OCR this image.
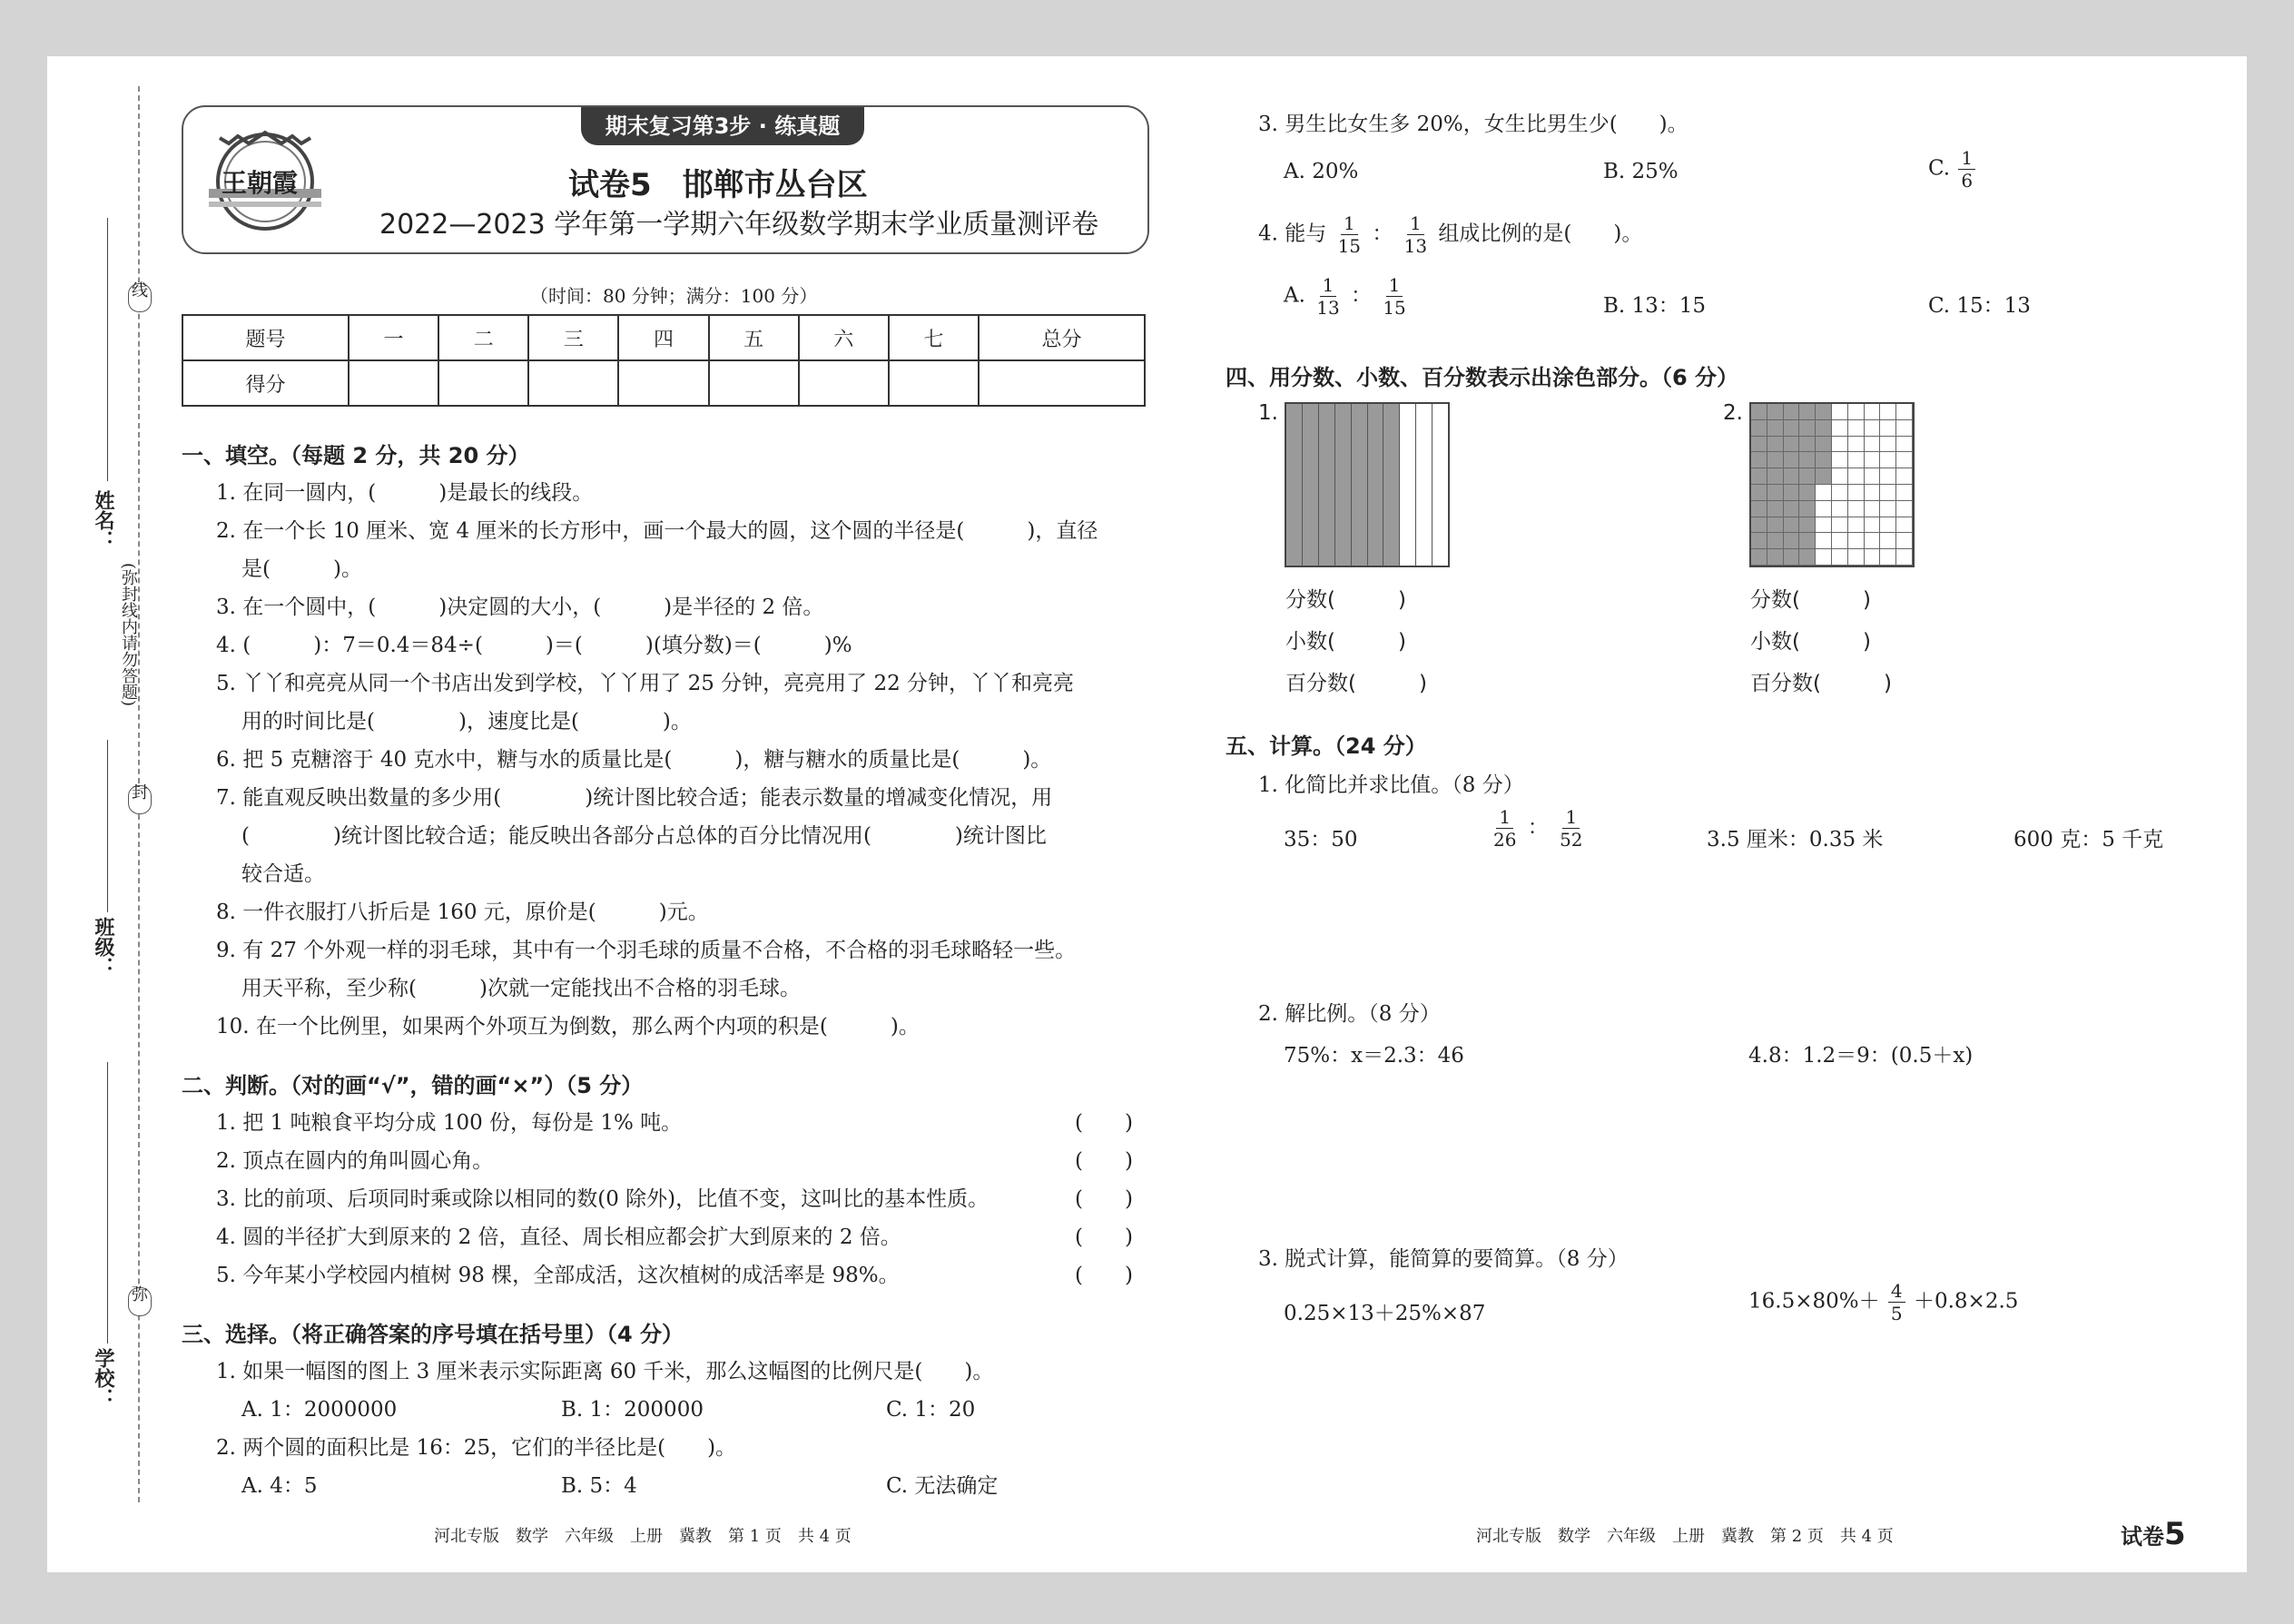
线
封
弥
姓名：
(弥封线内请勿答题)
班级：
学校：
王朝霞
期末复习第3步 · 练真题
试卷5　邯郸市丛台区
2022—2023 学年第一学期六年级数学期末学业质量测评卷
（时间：80 分钟；满分：100 分）
题号	一	二	三	四	五	六	七	总分
得分								
一、填空。（每题 2 分，共 20 分）
1. 在同一圆内，(　　　)是最长的线段。
2. 在一个长 10 厘米、宽 4 厘米的长方形中，画一个最大的圆，这个圆的半径是(　　　)，直径
是(　　　)。
3. 在一个圆中，(　　　)决定圆的大小，(　　　)是半径的 2 倍。
4. (　　　)：7＝0.4＝84÷(　　　)＝(　　　)(填分数)＝(　　　)%
5. 丫丫和亮亮从同一个书店出发到学校，丫丫用了 25 分钟，亮亮用了 22 分钟，丫丫和亮亮
用的时间比是(　　　　)，速度比是(　　　　)。
6. 把 5 克糖溶于 40 克水中，糖与水的质量比是(　　　)，糖与糖水的质量比是(　　　)。
7. 能直观反映出数量的多少用(　　　　)统计图比较合适；能表示数量的增减变化情况，用
(　　　　)统计图比较合适；能反映出各部分占总体的百分比情况用(　　　　)统计图比
较合适。
8. 一件衣服打八折后是 160 元，原价是(　　　)元。
9. 有 27 个外观一样的羽毛球，其中有一个羽毛球的质量不合格，不合格的羽毛球略轻一些。
用天平称，至少称(　　　)次就一定能找出不合格的羽毛球。
10. 在一个比例里，如果两个外项互为倒数，那么两个内项的积是(　　　)。
二、判断。（对的画“√”，错的画“×”）（5 分）
1. 把 1 吨粮食平均分成 100 份，每份是 1% 吨。	(　　)
2. 顶点在圆内的角叫圆心角。	(　　)
3. 比的前项、后项同时乘或除以相同的数(0 除外)，比值不变，这叫比的基本性质。	(　　)
4. 圆的半径扩大到原来的 2 倍，直径、周长相应都会扩大到原来的 2 倍。	(　　)
5. 今年某小学校园内植树 98 棵，全部成活，这次植树的成活率是 98%。	(　　)
三、选择。（将正确答案的序号填在括号里）（4 分）
1. 如果一幅图的图上 3 厘米表示实际距离 60 千米，那么这幅图的比例尺是(　　)。
A. 1：2000000	B. 1：200000	C. 1：20
2. 两个圆的面积比是 16：25，它们的半径比是(　　)。
A. 4：5	B. 5：4	C. 无法确定
3. 男生比女生多 20%，女生比男生少(　　)。
A. 20%	B. 25%	C. $\frac{1}{6}$
4. 能与 $\frac{1}{15}$ ： $\frac{1}{13}$ 组成比例的是(　　)。
A. $\frac{1}{13}$ ： $\frac{1}{15}$	B. 13：15	C. 15：13
四、用分数、小数、百分数表示出涂色部分。（6 分）
1.	2.
分数(　　　)
小数(　　　)
百分数(　　　)
分数(　　　)
小数(　　　)
百分数(　　　)
五、计算。（24 分）
1. 化简比并求比值。（8 分）
35：50	$\frac{1}{26}$ ： $\frac{1}{52}$	3.5 厘米：0.35 米	600 克：5 千克
2. 解比例。（8 分）
75%：x＝2.3：46	4.8：1.2＝9：(0.5＋x)
3. 脱式计算，能简算的要简算。（8 分）
0.25×13＋25%×87
$16.5\times 80\%+ \frac{4}{5} +0.8\times 2.5$
河北专版　数学　六年级　上册　冀教　第 1 页　共 4 页	河北专版　数学　六年级　上册　冀教　第 2 页　共 4 页	试卷5
